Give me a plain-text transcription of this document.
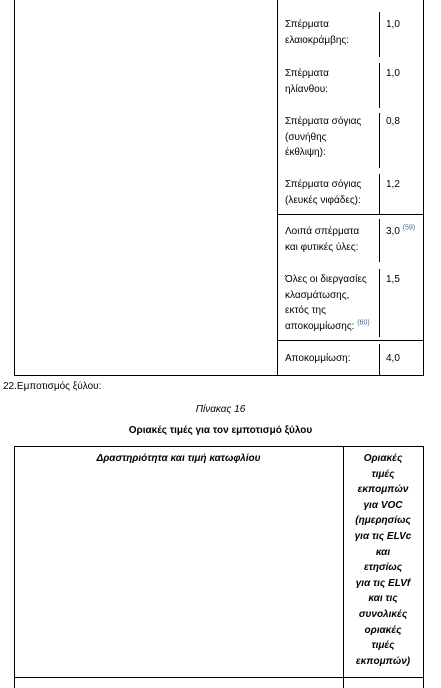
Σπέρματα
ελαιοκράμβης:
1,0
Σπέρματα
ηλίανθου:
1,0
Σπέρματα σόγιας
(συνήθης
έκθλιψη):
0,8
Σπέρματα σόγιας
(λευκές νιφάδες):
1,2
Λοιπά σπέρματα
και φυτικές ύλες:
3,0 $^{(59)}$
Όλες οι διεργασίες
κλασμάτωσης,
εκτός της
αποκομμίωσης: $^{(60)}$
1,5
Αποκομμίωση:	4,0
22.Εμποτισμός ξύλου:
Πίνακας 16
Οριακές τιμές για τον εμποτισμό ξύλου
Δραστηριότητα και τιμή κατωφλίου	Οριακές
τιμές
εκπομπών
για VOC
(ημερησίως
για τις ELVc
και
ετησίως
για τις ELVf
και τις
συνολικές
οριακές
τιμές
εκπομπών)
